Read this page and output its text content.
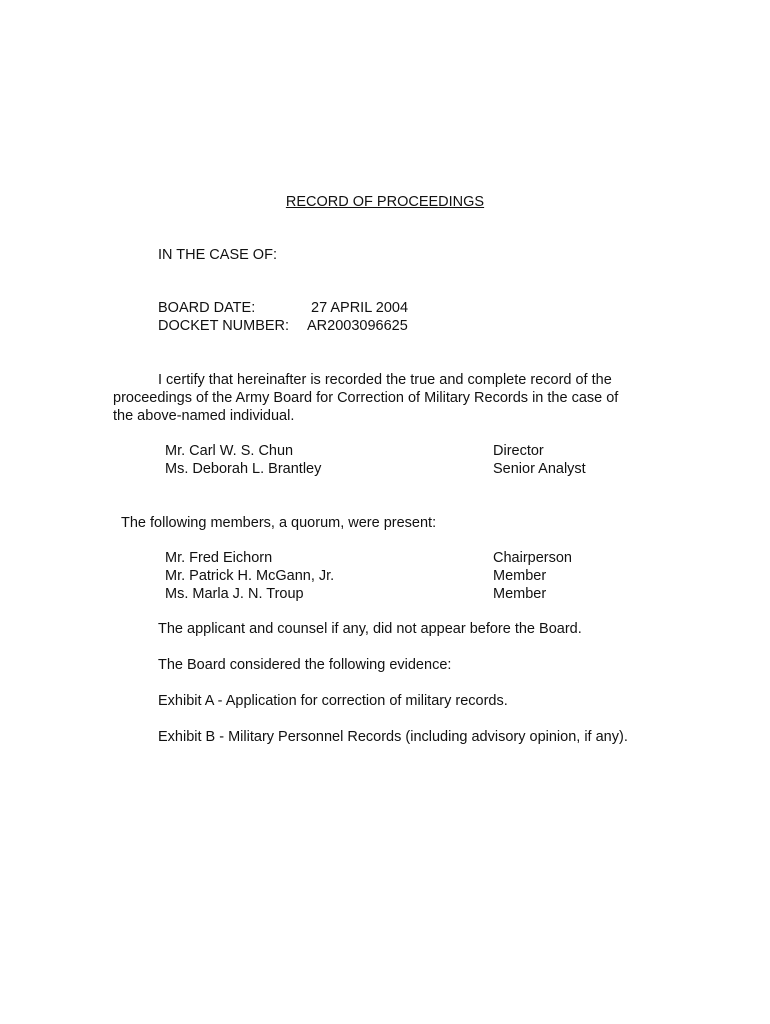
RECORD OF PROCEEDINGS
IN THE CASE OF:
BOARD DATE:	27 APRIL 2004
DOCKET NUMBER: AR2003096625
I certify that hereinafter is recorded the true and complete record of the
proceedings of the Army Board for Correction of Military Records in the case of
the above-named individual.
Mr. Carl W. S. Chun	Director
Ms. Deborah L. Brantley	Senior Analyst
The following members, a quorum, were present:
Mr. Fred Eichorn	Chairperson
Mr. Patrick H. McGann, Jr.	Member
Ms. Marla J. N. Troup	Member
The applicant and counsel if any, did not appear before the Board.
The Board considered the following evidence:
Exhibit A - Application for correction of military records.
Exhibit B - Military Personnel Records (including advisory opinion, if any).
